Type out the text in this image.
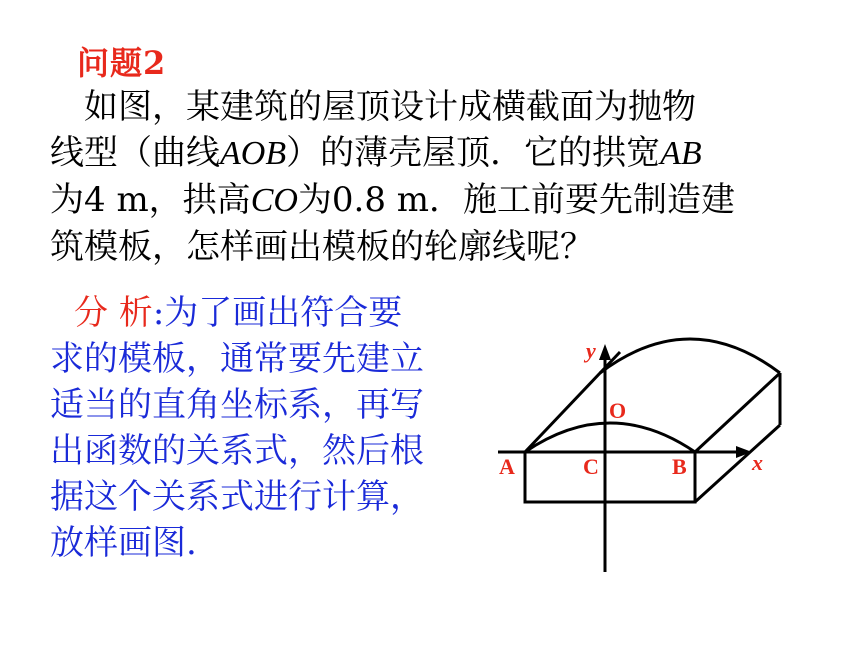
问题2
如图，某建筑的屋顶设计成横截面为抛物
线型（曲线AOB）的薄壳屋顶．它的拱宽AB
为4 m，拱高CO为0.8 m．施工前要先制造建
筑模板，怎样画出模板的轮廓线呢？
分 析:为了画出符合要
求的模板，通常要先建立
适当的直角坐标系，再写
出函数的关系式，然后根
据这个关系式进行计算，
放样画图.
y
x
O
A	C	B
